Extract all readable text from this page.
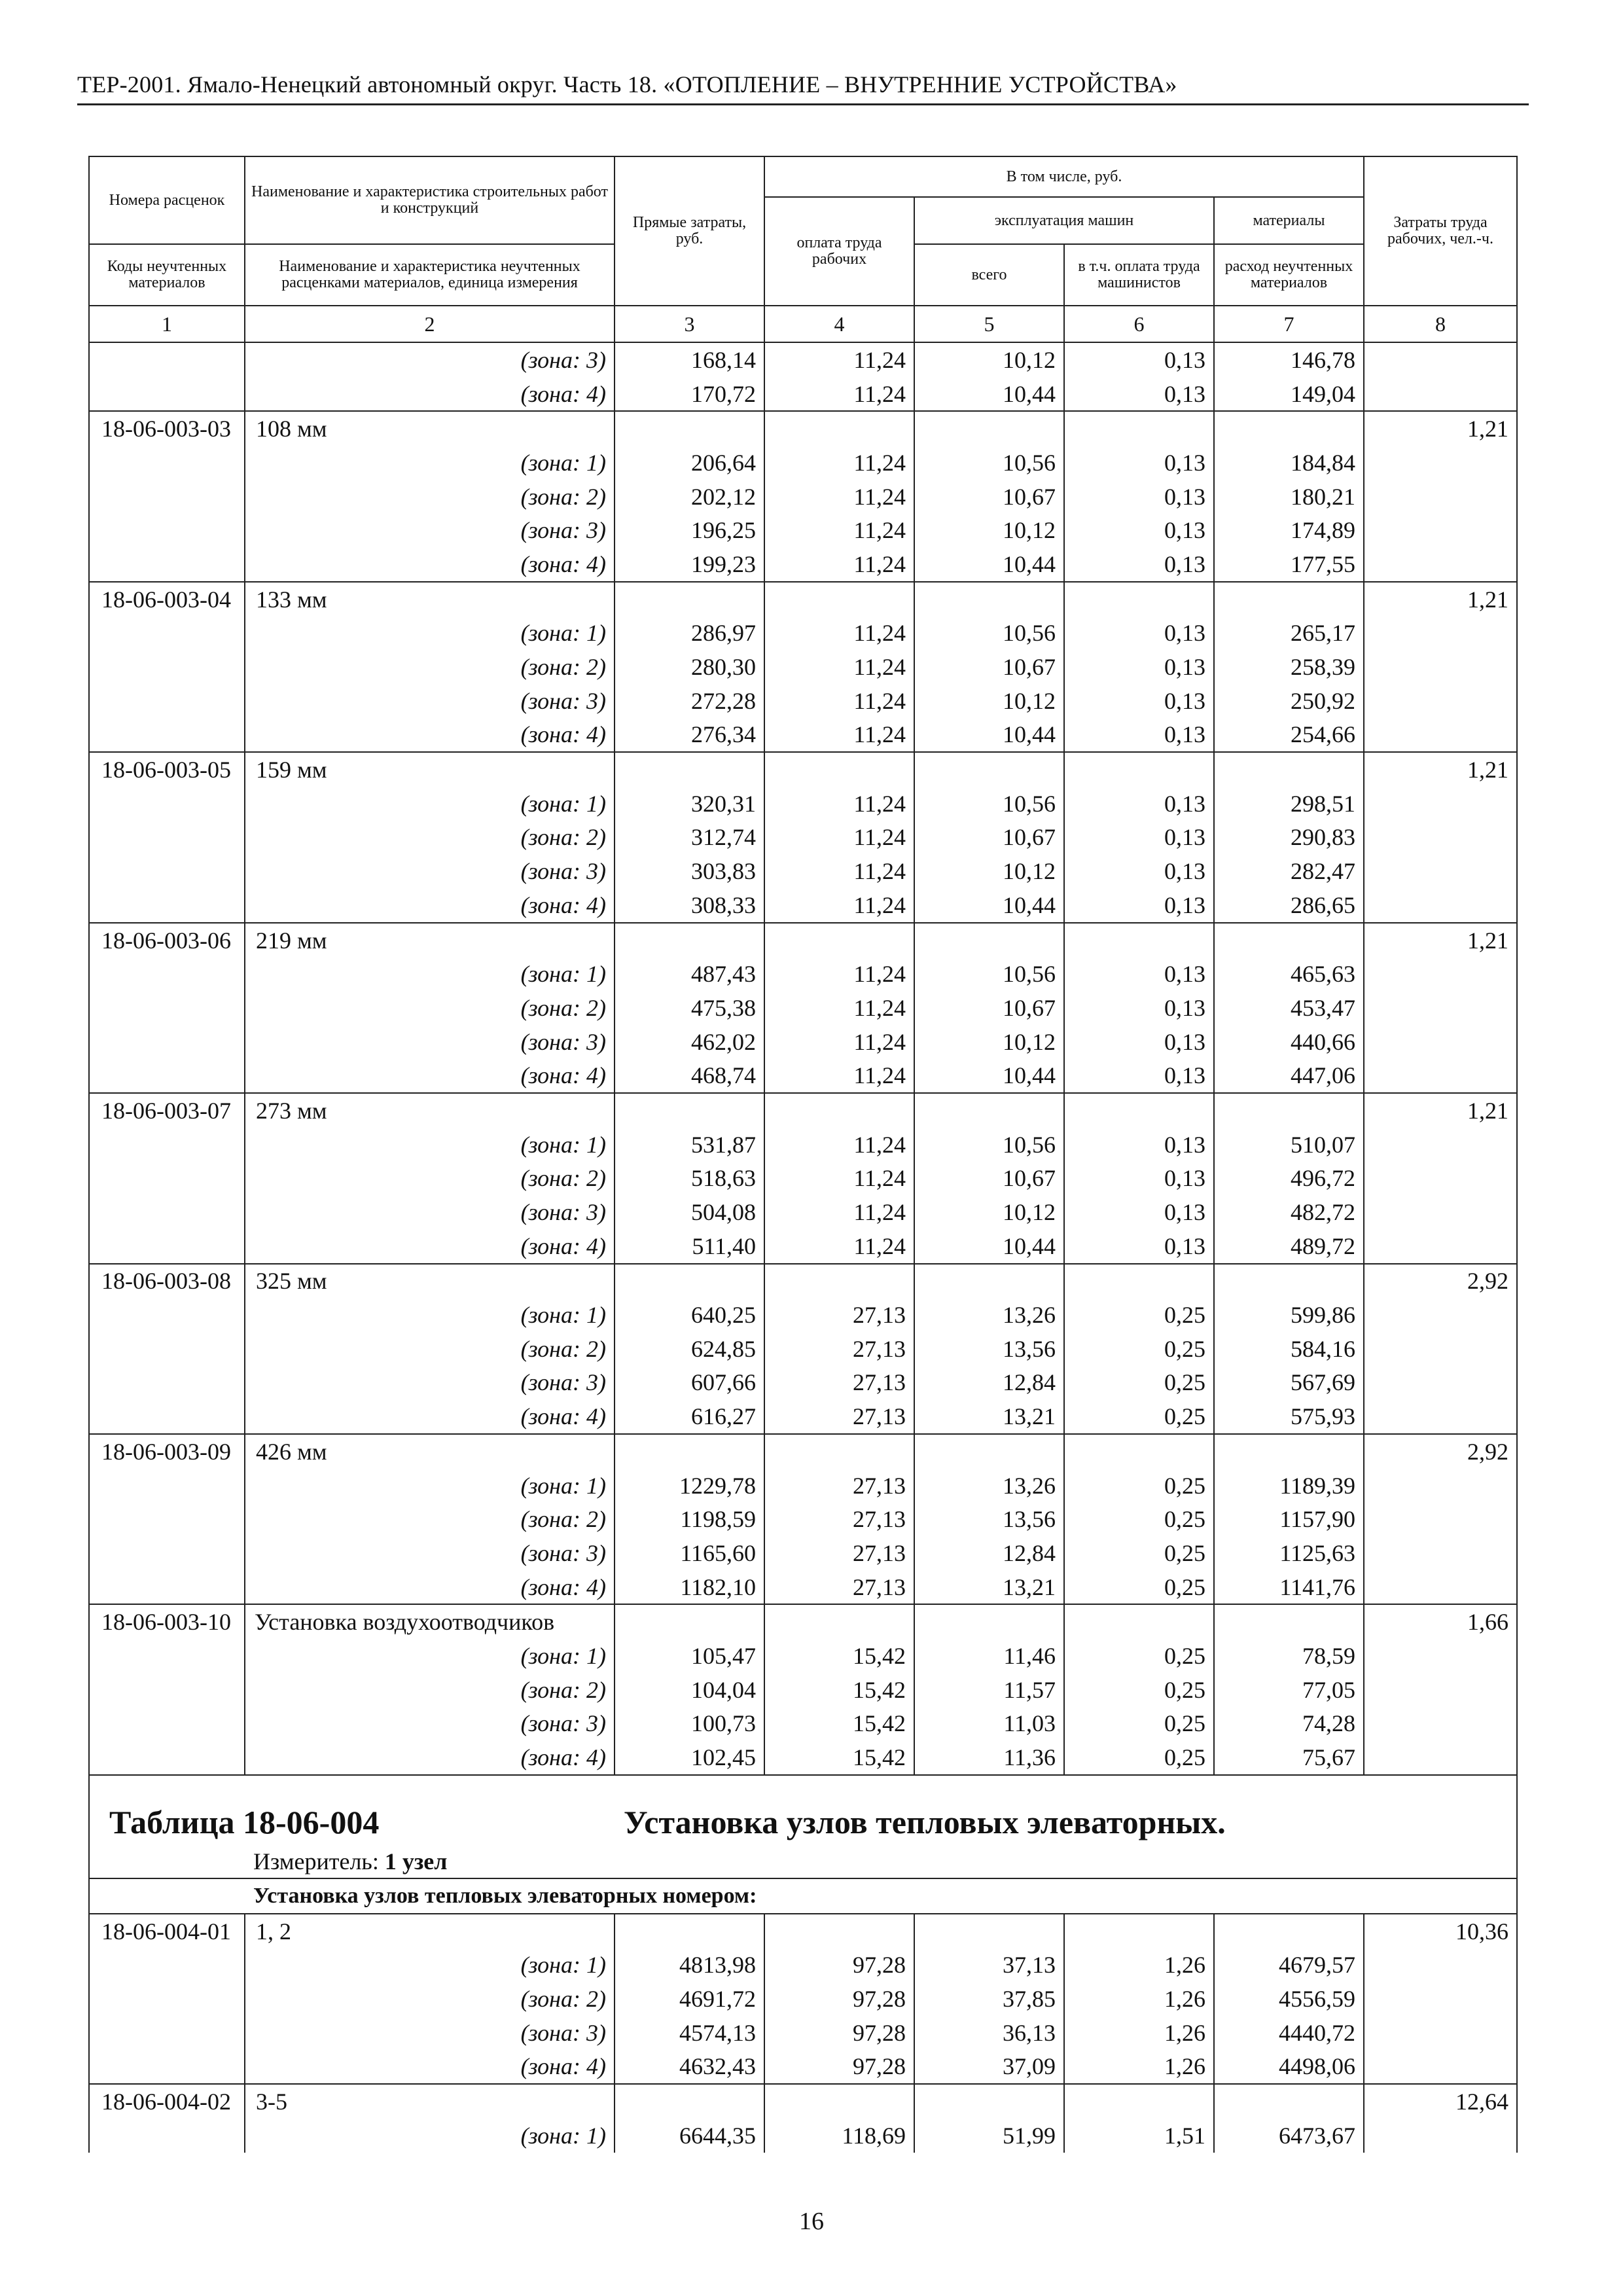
ТЕР-2001. Ямало-Ненецкий автономный округ. Часть 18. «ОТОПЛЕНИЕ – ВНУТРЕННИЕ УСТРОЙСТВА»
Номера расценок	Наименование и характеристика строительных работ и конструкций	Прямые затраты, руб.	В том числе, руб.				Затраты труда рабочих, чел.-ч.
			оплата труда рабочих	эксплуатация машин		материалы	
Коды неучтенных материалов	Наименование и характеристика неучтенных расценками материалов, единица измерения			всего	в т.ч. оплата труда машинистов	расход неучтенных материалов	
1	2	3	4	5	6	7	8
	(зона: 3)	168,14	11,24	10,12	0,13	146,78	
	(зона: 4)	170,72	11,24	10,44	0,13	149,04	
18-06-003-03	108 мм						1,21
	(зона: 1)	206,64	11,24	10,56	0,13	184,84	
	(зона: 2)	202,12	11,24	10,67	0,13	180,21	
	(зона: 3)	196,25	11,24	10,12	0,13	174,89	
	(зона: 4)	199,23	11,24	10,44	0,13	177,55	
18-06-003-04	133 мм						1,21
	(зона: 1)	286,97	11,24	10,56	0,13	265,17	
	(зона: 2)	280,30	11,24	10,67	0,13	258,39	
	(зона: 3)	272,28	11,24	10,12	0,13	250,92	
	(зона: 4)	276,34	11,24	10,44	0,13	254,66	
18-06-003-05	159 мм						1,21
	(зона: 1)	320,31	11,24	10,56	0,13	298,51	
	(зона: 2)	312,74	11,24	10,67	0,13	290,83	
	(зона: 3)	303,83	11,24	10,12	0,13	282,47	
	(зона: 4)	308,33	11,24	10,44	0,13	286,65	
18-06-003-06	219 мм						1,21
	(зона: 1)	487,43	11,24	10,56	0,13	465,63	
	(зона: 2)	475,38	11,24	10,67	0,13	453,47	
	(зона: 3)	462,02	11,24	10,12	0,13	440,66	
	(зона: 4)	468,74	11,24	10,44	0,13	447,06	
18-06-003-07	273 мм						1,21
	(зона: 1)	531,87	11,24	10,56	0,13	510,07	
	(зона: 2)	518,63	11,24	10,67	0,13	496,72	
	(зона: 3)	504,08	11,24	10,12	0,13	482,72	
	(зона: 4)	511,40	11,24	10,44	0,13	489,72	
18-06-003-08	325 мм						2,92
	(зона: 1)	640,25	27,13	13,26	0,25	599,86	
	(зона: 2)	624,85	27,13	13,56	0,25	584,16	
	(зона: 3)	607,66	27,13	12,84	0,25	567,69	
	(зона: 4)	616,27	27,13	13,21	0,25	575,93	
18-06-003-09	426 мм						2,92
	(зона: 1)	1229,78	27,13	13,26	0,25	1189,39	
	(зона: 2)	1198,59	27,13	13,56	0,25	1157,90	
	(зона: 3)	1165,60	27,13	12,84	0,25	1125,63	
	(зона: 4)	1182,10	27,13	13,21	0,25	1141,76	
18-06-003-10	Установка воздухоотводчиков						1,66
	(зона: 1)	105,47	15,42	11,46	0,25	78,59	
	(зона: 2)	104,04	15,42	11,57	0,25	77,05	
	(зона: 3)	100,73	15,42	11,03	0,25	74,28	
	(зона: 4)	102,45	15,42	11,36	0,25	75,67	

Таблица 18-06-004 Установка узлов тепловых элеваторных.
Измеритель: 1 узел							

Установка узлов тепловых элеваторных номером:							
18-06-004-01	1, 2						10,36
	(зона: 1)	4813,98	97,28	37,13	1,26	4679,57	
	(зона: 2)	4691,72	97,28	37,85	1,26	4556,59	
	(зона: 3)	4574,13	97,28	36,13	1,26	4440,72	
	(зона: 4)	4632,43	97,28	37,09	1,26	4498,06	
18-06-004-02	3-5						12,64
	(зона: 1)	6644,35	118,69	51,99	1,51	6473,67	
16
